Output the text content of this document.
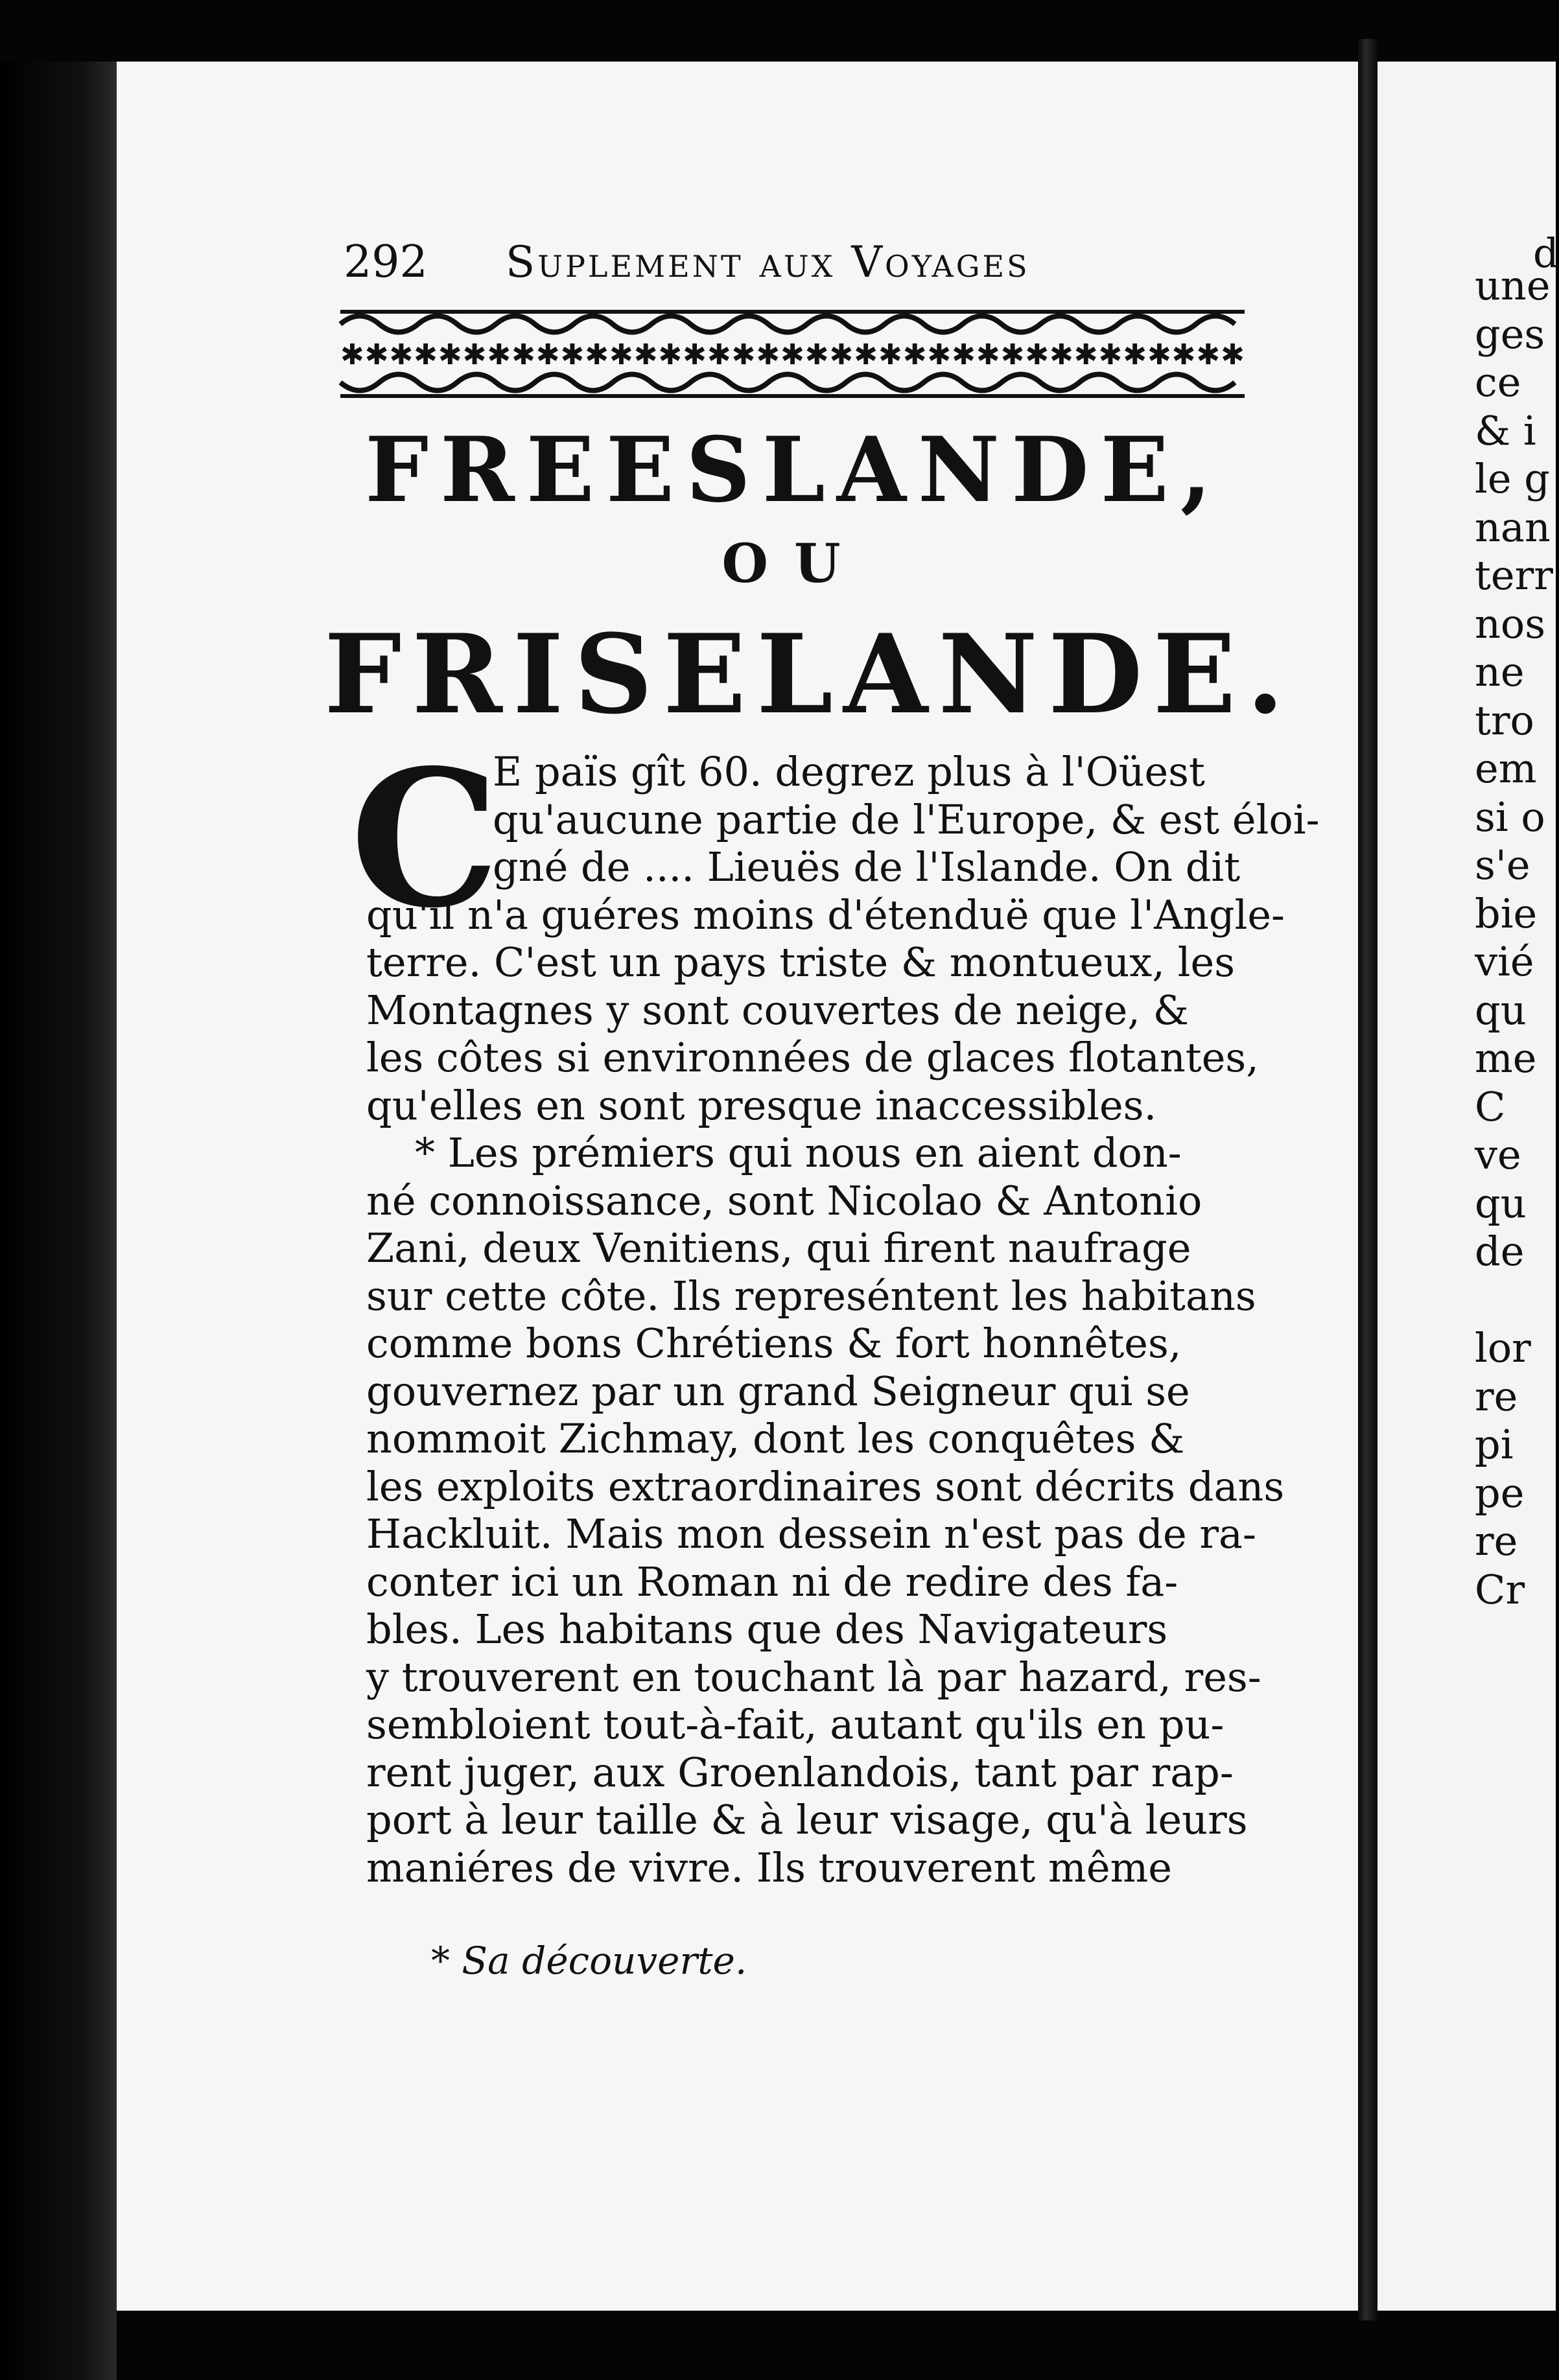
d
une
ges
ce
& i
le g
nan
terr
nos
ne
tro
em
si o
s'e
bie
vié
qu
me
C
ve
qu
de
lor
re
pi
pe
re
Cr
292 Suplement aux Voyages
✱✱✱✱✱✱✱✱✱✱✱✱✱✱✱✱✱✱✱✱✱✱✱✱✱✱✱✱✱✱✱✱✱✱✱✱✱
FREESLANDE,
OU
FRISELANDE.
C
E païs gît 60. degrez plus à l'Oüest
qu'aucune partie de l'Europe, & est éloi-
gné de .... Lieuës de l'Islande. On dit
qu'il n'a guéres moins d'étenduë que l'Angle-
terre. C'est un pays triste & montueux, les
Montagnes y sont couvertes de neige, &
les côtes si environnées de glaces flotantes,
qu'elles en sont presque inaccessibles.
* Les prémiers qui nous en aient don-
né connoissance, sont Nicolao & Antonio
Zani, deux Venitiens, qui firent naufrage
sur cette côte. Ils represéntent les habitans
comme bons Chrétiens & fort honnêtes,
gouvernez par un grand Seigneur qui se
nommoit Zichmay, dont les conquêtes &
les exploits extraordinaires sont décrits dans
Hackluit. Mais mon dessein n'est pas de ra-
conter ici un Roman ni de redire des fa-
bles. Les habitans que des Navigateurs
y trouverent en touchant là par hazard, res-
sembloient tout-à-fait, autant qu'ils en pu-
rent juger, aux Groenlandois, tant par rap-
port à leur taille & à leur visage, qu'à leurs
maniéres de vivre. Ils trouverent même
* Sa découverte.
